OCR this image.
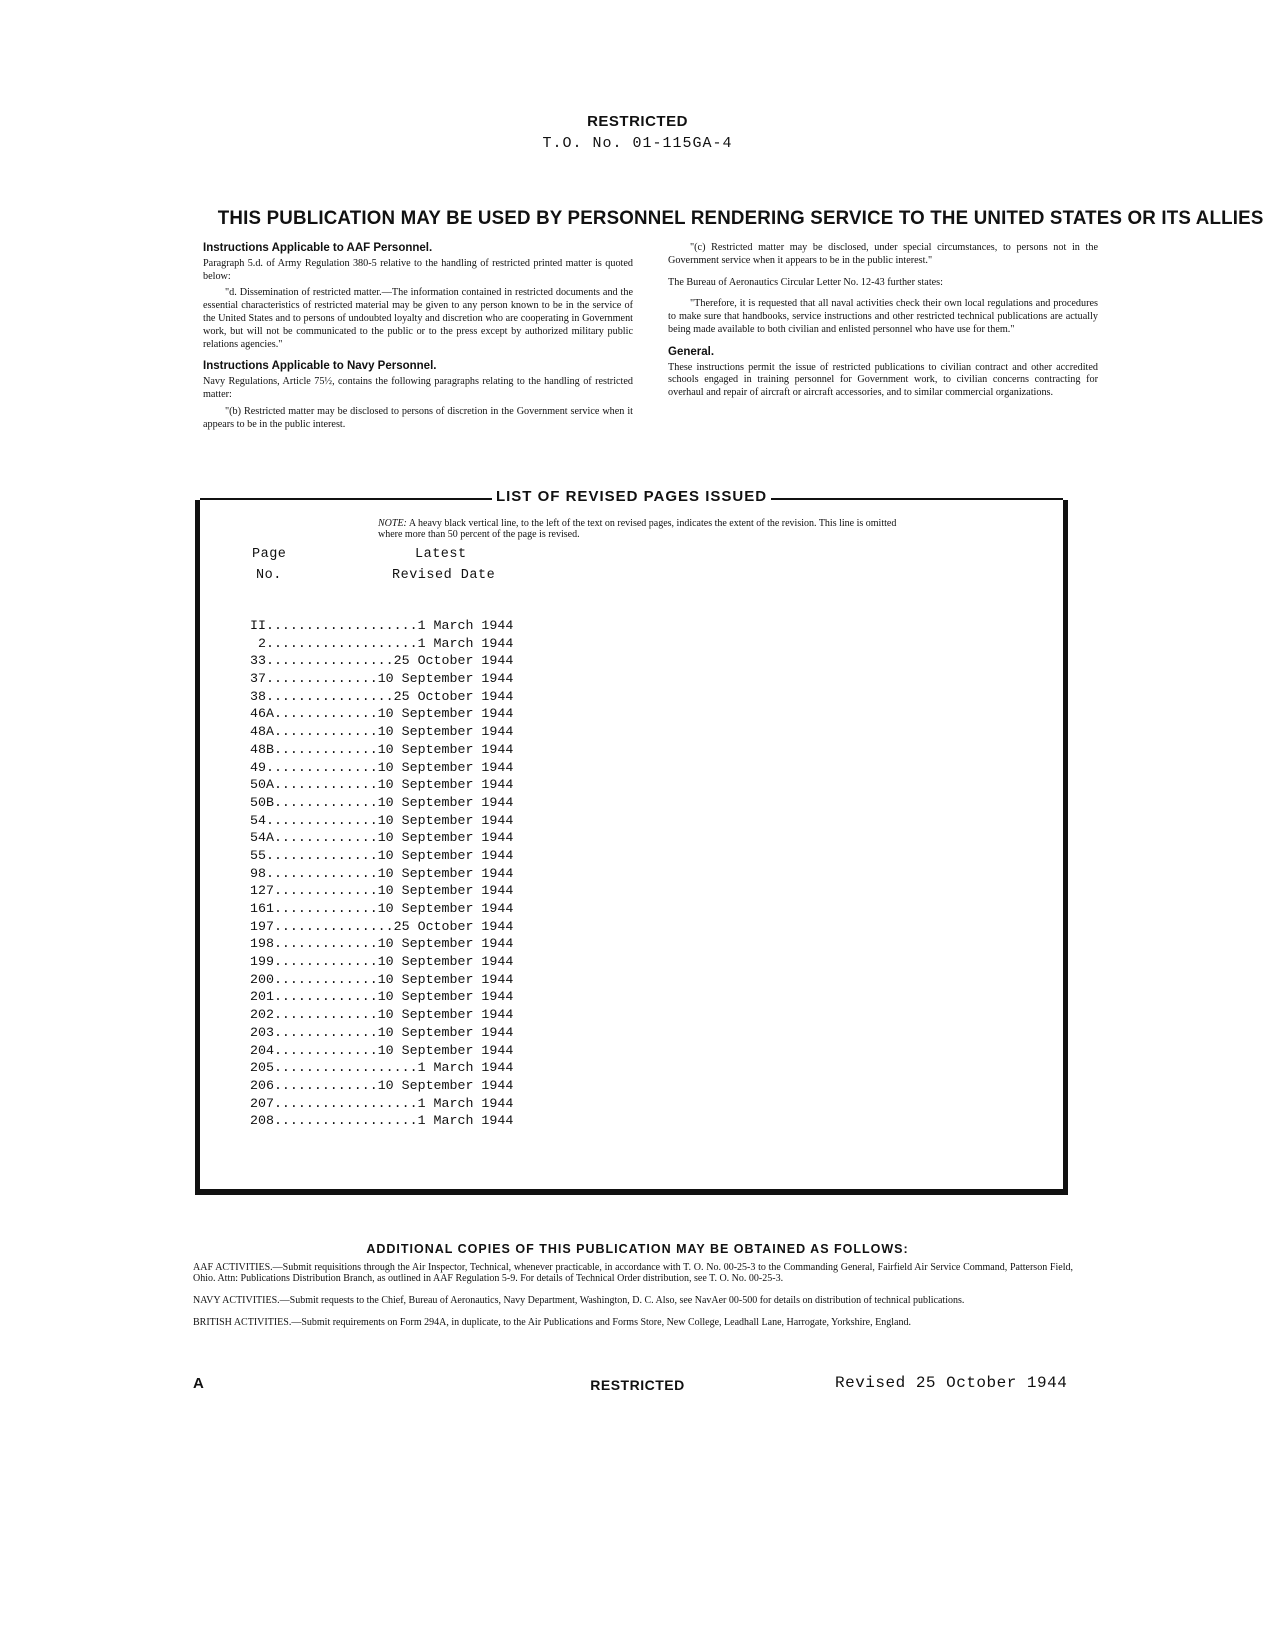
RESTRICTED
T.O. No. 01-115GA-4
THIS PUBLICATION MAY BE USED BY PERSONNEL RENDERING SERVICE TO THE UNITED STATES OR ITS ALLIES
Instructions Applicable to AAF Personnel.

Paragraph 5.d. of Army Regulation 380-5 relative to the handling of restricted printed matter is quoted below:

"d. Dissemination of restricted matter.—The information contained in restricted documents and the essential characteristics of restricted material may be given to any person known to be in the service of the United States and to persons of undoubted loyalty and discretion who are cooperating in Government work, but will not be communicated to the public or to the press except by authorized military public relations agencies."

Instructions Applicable to Navy Personnel.

Navy Regulations, Article 75½, contains the following paragraphs relating to the handling of restricted matter:

"(b) Restricted matter may be disclosed to persons of discretion in the Government service when it appears to be in the public interest.

"(c) Restricted matter may be disclosed, under special circumstances, to persons not in the Government service when it appears to be in the public interest."

The Bureau of Aeronautics Circular Letter No. 12-43 further states:

"Therefore, it is requested that all naval activities check their own local regulations and procedures to make sure that handbooks, service instructions and other restricted technical publications are actually being made available to both civilian and enlisted personnel who have use for them."

General.

These instructions permit the issue of restricted publications to civilian contract and other accredited schools engaged in training personnel for Government work, to civilian concerns contracting for overhaul and repair of aircraft or aircraft accessories, and to similar commercial organizations.

LIST OF REVISED PAGES ISSUED
NOTE: A heavy black vertical line, to the left of the text on revised pages, indicates the extent of the revision. This line is omitted where more than 50 percent of the page is revised.
Page
No.
Latest
Revised Date
II...................1 March 1944
2...................1 March 1944
33................25 October 1944
37..............10 September 1944
38................25 October 1944
46A.............10 September 1944
48A.............10 September 1944
48B.............10 September 1944
49..............10 September 1944
50A.............10 September 1944
50B.............10 September 1944
54..............10 September 1944
54A.............10 September 1944
55..............10 September 1944
98..............10 September 1944
127.............10 September 1944
161.............10 September 1944
197...............25 October 1944
198.............10 September 1944
199.............10 September 1944
200.............10 September 1944
201.............10 September 1944
202.............10 September 1944
203.............10 September 1944
204.............10 September 1944
205..................1 March 1944
206.............10 September 1944
207..................1 March 1944
208..................1 March 1944
ADDITIONAL COPIES OF THIS PUBLICATION MAY BE OBTAINED AS FOLLOWS:
AAF ACTIVITIES.—Submit requisitions through the Air Inspector, Technical, whenever practicable, in accordance with T. O. No. 00-25-3 to the Commanding General, Fairfield Air Service Command, Patterson Field, Ohio. Attn: Publications Distribution Branch, as outlined in AAF Regulation 5-9. For details of Technical Order distribution, see T. O. No. 00-25-3.
NAVY ACTIVITIES.—Submit requests to the Chief, Bureau of Aeronautics, Navy Department, Washington, D. C. Also, see NavAer 00-500 for details on distribution of technical publications.
BRITISH ACTIVITIES.—Submit requirements on Form 294A, in duplicate, to the Air Publications and Forms Store, New College, Leadhall Lane, Harrogate, Yorkshire, England.
A	RESTRICTED	Revised 25 October 1944
